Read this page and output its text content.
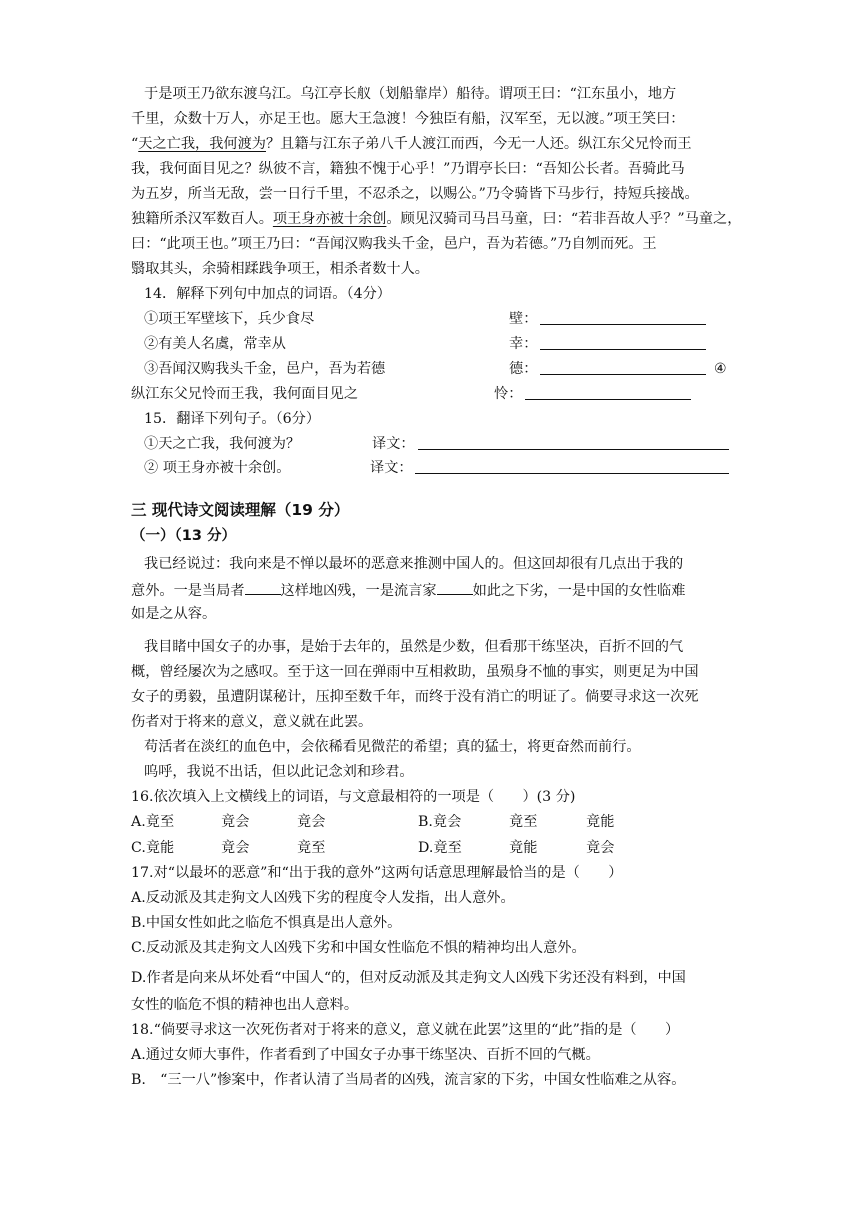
于是项王乃欲东渡乌江。乌江亭长舣（划船靠岸）船待。谓项王曰：“江东虽小，地方
千里，众数十万人，亦足王也。愿大王急渡！今独臣有船，汉军至，无以渡。”项王笑曰：
“天之亡我，我何渡为？且籍与江东子弟八千人渡江而西，今无一人还。纵江东父兄怜而王
我，我何面目见之？纵彼不言，籍独不愧于心乎！”乃谓亭长曰：“吾知公长者。吾骑此马
为五岁，所当无敌，尝一日行千里，不忍杀之，以赐公。”乃令骑皆下马步行，持短兵接战。
独籍所杀汉军数百人。项王身亦被十余创。顾见汉骑司马吕马童，曰：“若非吾故人乎？”马童之，
曰：“此项王也。”项王乃曰：“吾闻汉购我头千金，邑户，吾为若德。”乃自刎而死。王
翳取其头，余骑相蹂践争项王，相杀者数十人。
14．解释下列句中加点的词语。（4分）
①项王军壁垓下，兵少食尽	壁：
②有美人名虞，常幸从	幸：
③吾闻汉购我头千金，邑户，吾为若德	德：	④
纵江东父兄怜而王我，我何面目见之	怜：
15．翻译下列句子。（6分）
①天之亡我，我何渡为？	译文：
② 项王身亦被十余创。	译文：
三 现代诗文阅读理解（19 分）
（一）（13 分）
我已经说过：我向来是不惮以最坏的恶意来推测中国人的。但这回却很有几点出于我的
意外。一是当局者	这样地凶残，一是流言家	如此之下劣，一是中国的女性临难
如是之从容。
我目睹中国女子的办事，是始于去年的，虽然是少数，但看那干练坚决，百折不回的气
概，曾经屡次为之感叹。至于这一回在弹雨中互相救助，虽殒身不恤的事实，则更足为中国
女子的勇毅，虽遭阴谋秘计，压抑至数千年，而终于没有消亡的明证了。倘要寻求这一次死
伤者对于将来的意义，意义就在此罢。
苟活者在淡红的血色中，会依稀看见微茫的希望；真的猛士，将更奋然而前行。
呜呼，我说不出话，但以此记念刘和珍君。
16.依次填入上文横线上的词语，与文意最相符的一项是（　　）(3 分)
A.竟至	竟会	竟会	B.竟会	竟至	竟能
C.竟能	竟会	竟至	D.竟至	竟能	竟会
17.对“以最坏的恶意”和“出于我的意外”这两句话意思理解最恰当的是（　　）
A.反动派及其走狗文人凶残下劣的程度令人发指，出人意外。
B.中国女性如此之临危不惧真是出人意外。
C.反动派及其走狗文人凶残下劣和中国女性临危不惧的精神均出人意外。
D.作者是向来从坏处看“中国人“的，但对反动派及其走狗文人凶残下劣还没有料到，中国
女性的临危不惧的精神也出人意料。
18.“倘要寻求这一次死伤者对于将来的意义，意义就在此罢”这里的“此”指的是（　　）
A.通过女师大事件，作者看到了中国女子办事干练坚决、百折不回的气概。
B.　“三一八”惨案中，作者认清了当局者的凶残，流言家的下劣，中国女性临难之从容。
